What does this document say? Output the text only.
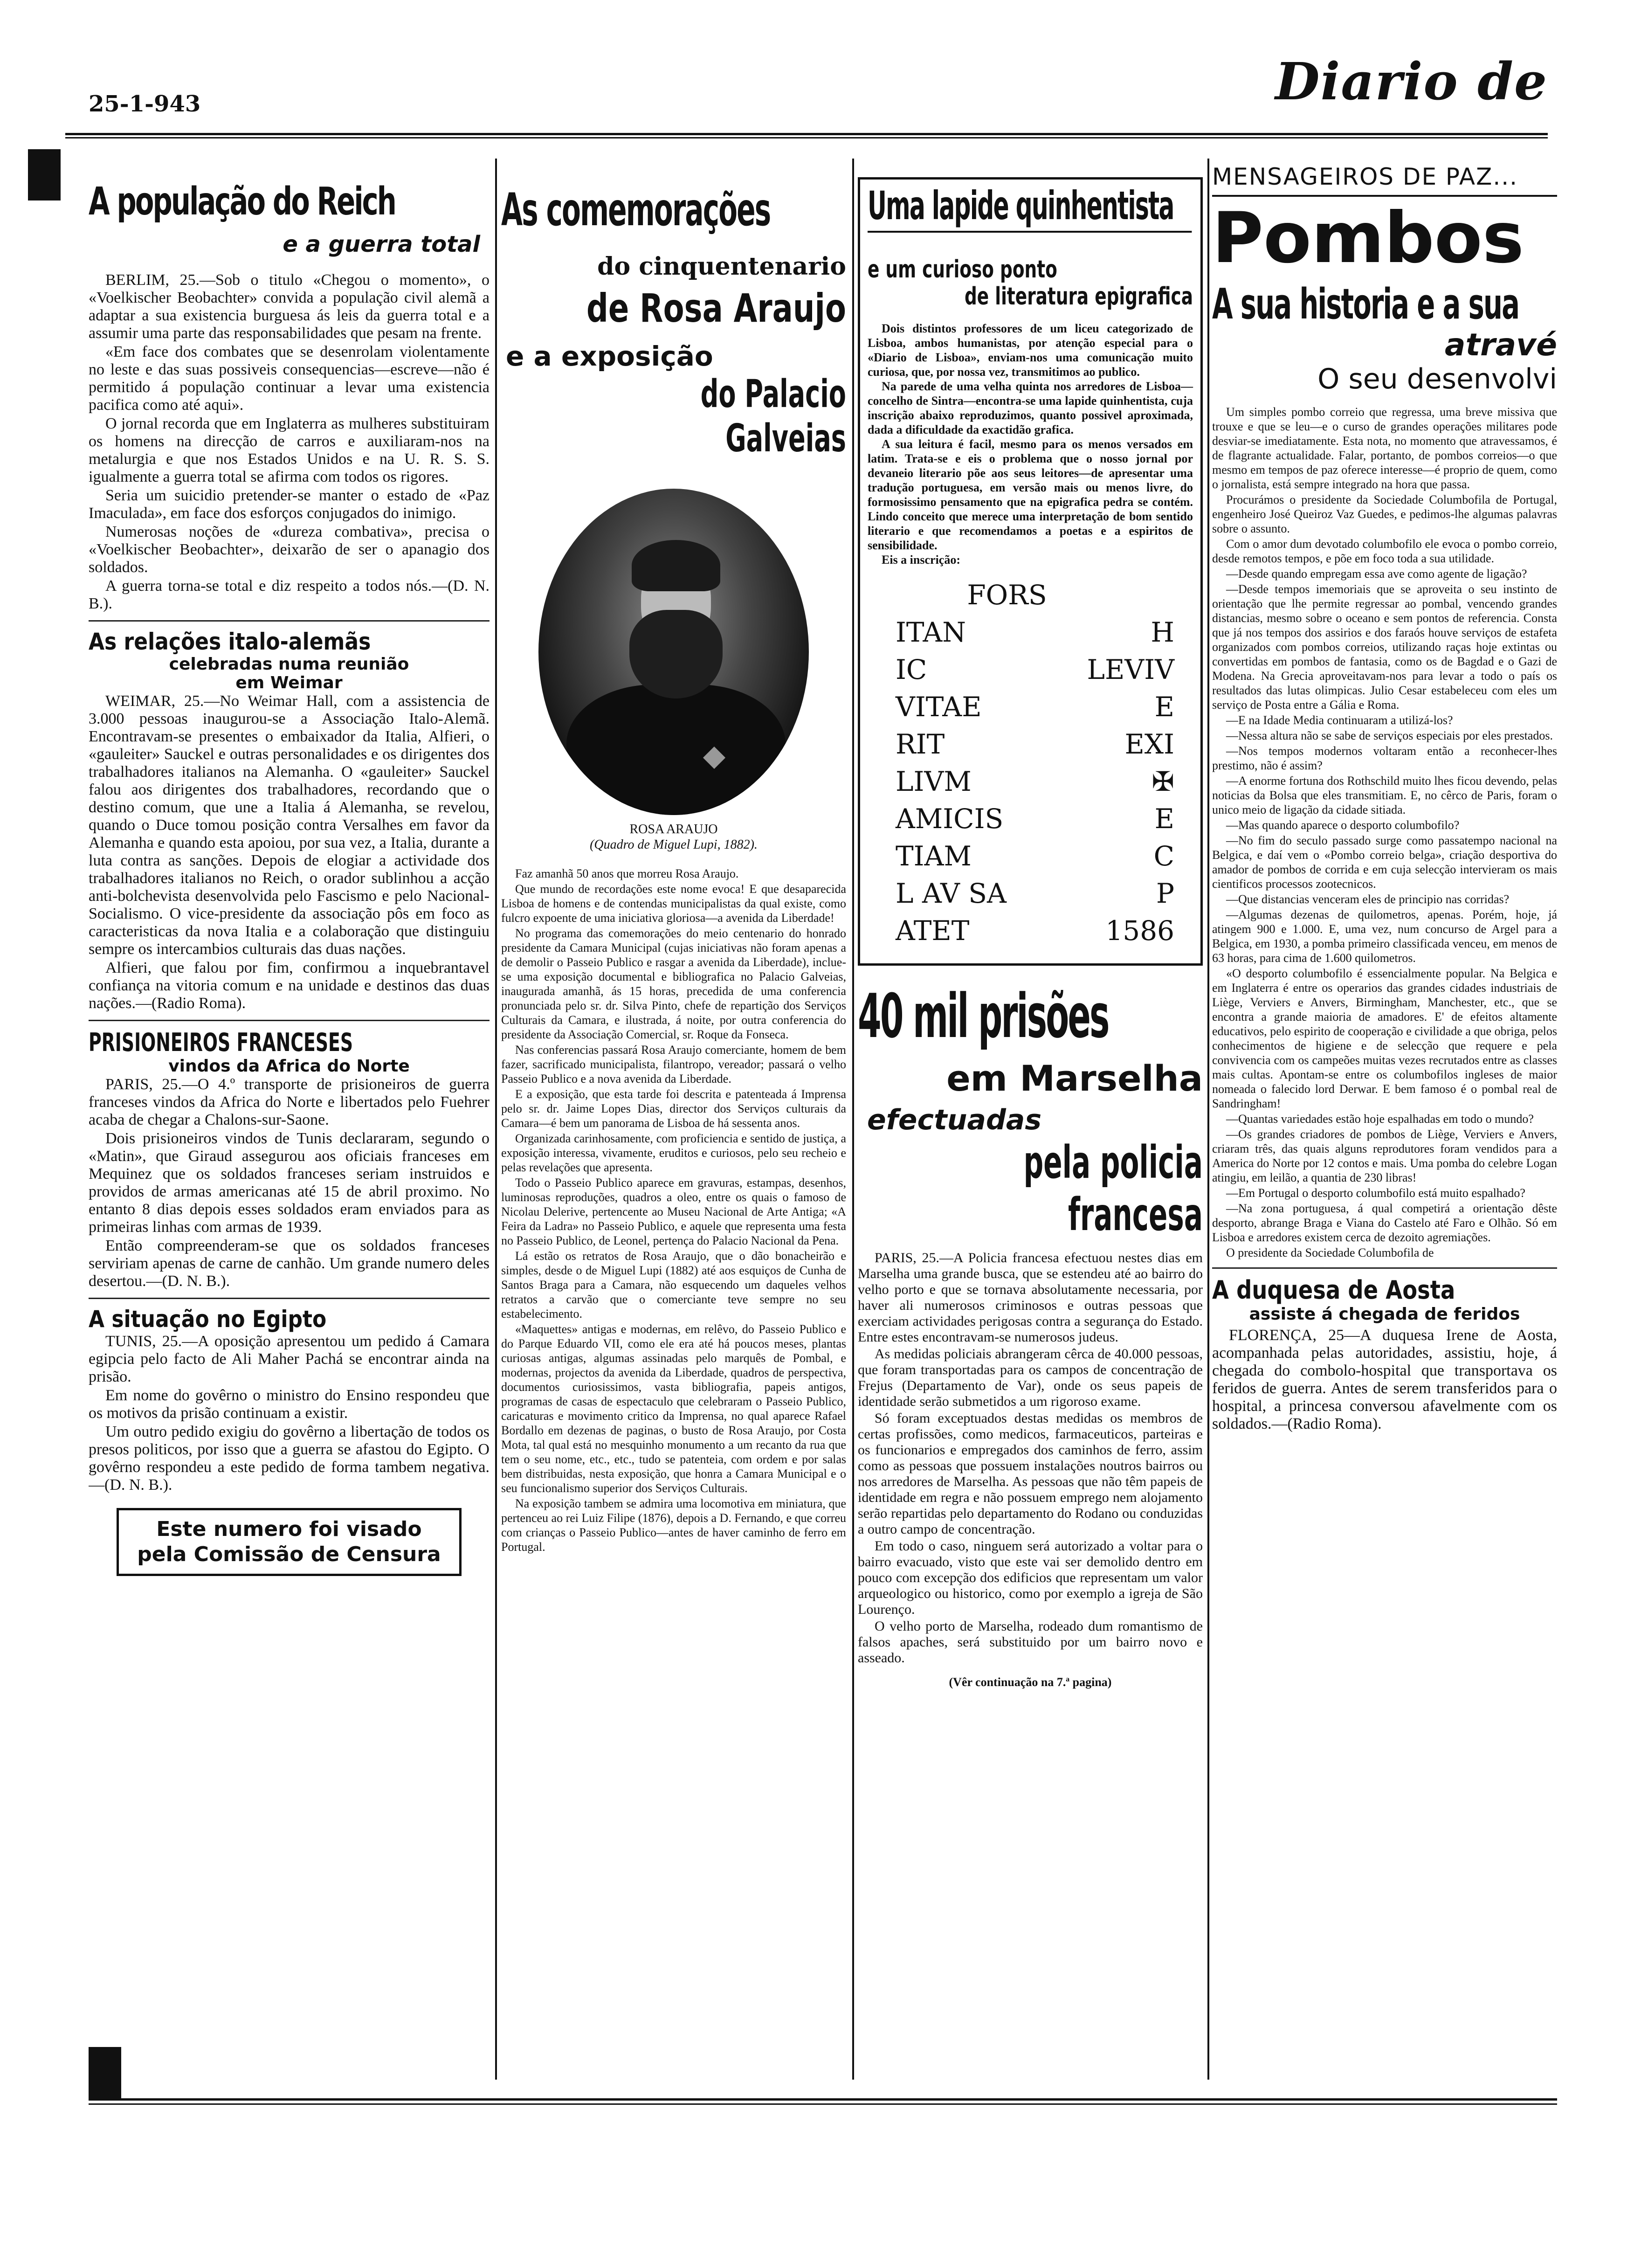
25-1-943	Diario de
A população do Reich
e a guerra total

BERLIM, 25.—Sob o titulo «Chegou o momento», o «Voelkischer Beobachter» convida a população civil alemã a adaptar a sua existencia burguesa ás leis da guerra total e a assumir uma parte das responsabilidades que pesam na frente.

«Em face dos combates que se desenrolam violentamente no leste e das suas possiveis consequencias—escreve—não é permitido á população continuar a levar uma existencia pacifica como até aqui».

O jornal recorda que em Inglaterra as mulheres substituiram os homens na direcção de carros e auxiliaram-nos na metalurgia e que nos Estados Unidos e na U. R. S. S. igualmente a guerra total se afirma com todos os rigores.

Seria um suicidio pretender-se manter o estado de «Paz Imaculada», em face dos esforços conjugados do inimigo.

Numerosas noções de «dureza combativa», precisa o «Voelkischer Beobachter», deixarão de ser o apanagio dos soldados.

A guerra torna-se total e diz respeito a todos nós.—(D. N. B.).

As relações italo-alemãs
celebradas numa reunião
em Weimar

WEIMAR, 25.—No Weimar Hall, com a assistencia de 3.000 pessoas inaugurou-se a Associação Italo-Alemã. Encontravam-se presentes o embaixador da Italia, Alfieri, o «gauleiter» Sauckel e outras personalidades e os dirigentes dos trabalhadores italianos na Alemanha. O «gauleiter» Sauckel falou aos dirigentes dos trabalhadores, recordando que o destino comum, que une a Italia á Alemanha, se revelou, quando o Duce tomou posição contra Versalhes em favor da Alemanha e quando esta apoiou, por sua vez, a Italia, durante a luta contra as sanções. Depois de elogiar a actividade dos trabalhadores italianos no Reich, o orador sublinhou a acção anti-bolchevista desenvolvida pelo Fascismo e pelo Nacional-Socialismo. O vice-presidente da associação pôs em foco as caracteristicas da nova Italia e a colaboração que distinguiu sempre os intercambios culturais das duas nações.

Alfieri, que falou por fim, confirmou a inquebrantavel confiança na vitoria comum e na unidade e destinos das duas nações.—(Radio Roma).

PRISIONEIROS FRANCESES
vindos da Africa do Norte

PARIS, 25.—O 4.º transporte de prisioneiros de guerra franceses vindos da Africa do Norte e libertados pelo Fuehrer acaba de chegar a Chalons-sur-Saone.

Dois prisioneiros vindos de Tunis declararam, segundo o «Matin», que Giraud assegurou aos oficiais franceses em Mequinez que os soldados franceses seriam instruidos e providos de armas americanas até 15 de abril proximo. No entanto 8 dias depois esses soldados eram enviados para as primeiras linhas com armas de 1939.

Então compreenderam-se que os soldados franceses serviriam apenas de carne de canhão. Um grande numero deles desertou.—(D. N. B.).

A situação no Egipto

TUNIS, 25.—A oposição apresentou um pedido á Camara egipcia pelo facto de Ali Maher Pachá se encontrar ainda na prisão.

Em nome do govêrno o ministro do Ensino respondeu que os motivos da prisão continuam a existir.

Um outro pedido exigiu do govêrno a libertação de todos os presos politicos, por isso que a guerra se afastou do Egipto. O govêrno respondeu a este pedido de forma tambem negativa.—(D. N. B.).

Este numero foi visado
pela Comissão de Censura
As comemorações
do cinquentenario
de Rosa Araujo
e a exposição
do Palacio Galveias
ROSA ARAUJO
(Quadro de Miguel Lupi, 1882).

Faz amanhã 50 anos que morreu Rosa Araujo.

Que mundo de recordações este nome evoca! E que desaparecida Lisboa de homens e de contendas municipalistas da qual existe, como fulcro expoente de uma iniciativa gloriosa—a avenida da Liberdade!

No programa das comemorações do meio centenario do honrado presidente da Camara Municipal (cujas iniciativas não foram apenas a de demolir o Passeio Publico e rasgar a avenida da Liberdade), inclue-se uma exposição documental e bibliografica no Palacio Galveias, inaugurada amanhã, ás 15 horas, precedida de uma conferencia pronunciada pelo sr. dr. Silva Pinto, chefe de repartição dos Serviços Culturais da Camara, e ilustrada, á noite, por outra conferencia do presidente da Associação Comercial, sr. Roque da Fonseca.

Nas conferencias passará Rosa Araujo comerciante, homem de bem fazer, sacrificado municipalista, filantropo, vereador; passará o velho Passeio Publico e a nova avenida da Liberdade.

E a exposição, que esta tarde foi descrita e patenteada á Imprensa pelo sr. dr. Jaime Lopes Dias, director dos Serviços culturais da Camara—é bem um panorama de Lisboa de há sessenta anos.

Organizada carinhosamente, com proficiencia e sentido de justiça, a exposição interessa, vivamente, eruditos e curiosos, pelo seu recheio e pelas revelações que apresenta.

Todo o Passeio Publico aparece em gravuras, estampas, desenhos, luminosas reproduções, quadros a oleo, entre os quais o famoso de Nicolau Delerive, pertencente ao Museu Nacional de Arte Antiga; «A Feira da Ladra» no Passeio Publico, e aquele que representa uma festa no Passeio Publico, de Leonel, pertença do Palacio Nacional da Pena.

Lá estão os retratos de Rosa Araujo, que o dão bonacheirão e simples, desde o de Miguel Lupi (1882) até aos esquiços de Cunha de Santos Braga para a Camara, não esquecendo um daqueles velhos retratos a carvão que o comerciante teve sempre no seu estabelecimento.

«Maquettes» antigas e modernas, em relêvo, do Passeio Publico e do Parque Eduardo VII, como ele era até há poucos meses, plantas curiosas antigas, algumas assinadas pelo marquês de Pombal, e modernas, projectos da avenida da Liberdade, quadros de perspectiva, documentos curiosissimos, vasta bibliografia, papeis antigos, programas de casas de espectaculo que celebraram o Passeio Publico, caricaturas e movimento critico da Imprensa, no qual aparece Rafael Bordallo em dezenas de paginas, o busto de Rosa Araujo, por Costa Mota, tal qual está no mesquinho monumento a um recanto da rua que tem o seu nome, etc., etc., tudo se patenteia, com ordem e por salas bem distribuidas, nesta exposição, que honra a Camara Municipal e o seu funcionalismo superior dos Serviços Culturais.

Na exposição tambem se admira uma locomotiva em miniatura, que pertenceu ao rei Luiz Filipe (1876), depois a D. Fernando, e que correu com crianças o Passeio Publico—antes de haver caminho de ferro em Portugal.

Uma lapide quinhentista
e um curioso ponto
de literatura epigrafica

Dois distintos professores de um liceu categorizado de Lisboa, ambos humanistas, por atenção especial para o «Diario de Lisboa», enviam-nos uma comunicação muito curiosa, que, por nossa vez, transmitimos ao publico.

Na parede de uma velha quinta nos arredores de Lisboa—concelho de Sintra—encontra-se uma lapide quinhentista, cuja inscrição abaixo reproduzimos, quanto possivel aproximada, dada a dificuldade da exactidão grafica.

A sua leitura é facil, mesmo para os menos versados em latim. Trata-se e eis o problema que o nosso jornal por devaneio literario põe aos seus leitores—de apresentar uma tradução portuguesa, em versão mais ou menos livre, do formosissimo pensamento que na epigrafica pedra se contém. Lindo conceito que merece uma interpretação de bom sentido literario e que recomendamos a poetas e a espiritos de sensibilidade.

Eis a inscrição:

FORS
ITAN	H
IC	LEVIV
VITAE	E
RIT	EXI
LIVM	✠
AMICIS	E
TIAM	C
L AV SA	P
ATET	1586
40 mil prisões
em Marselha
efectuadas
pela policia francesa

PARIS, 25.—A Policia francesa efectuou nestes dias em Marselha uma grande busca, que se estendeu até ao bairro do velho porto e que se tornava absolutamente necessaria, por haver ali numerosos criminosos e outras pessoas que exerciam actividades perigosas contra a segurança do Estado. Entre estes encontravam-se numerosos judeus.

As medidas policiais abrangeram cêrca de 40.000 pessoas, que foram transportadas para os campos de concentração de Frejus (Departamento de Var), onde os seus papeis de identidade serão submetidos a um rigoroso exame.

Só foram exceptuados destas medidas os membros de certas profissões, como medicos, farmaceuticos, parteiras e os funcionarios e empregados dos caminhos de ferro, assim como as pessoas que possuem instalações noutros bairros ou nos arredores de Marselha. As pessoas que não têm papeis de identidade em regra e não possuem emprego nem alojamento serão repartidas pelo departamento do Rodano ou conduzidas a outro campo de concentração.

Em todo o caso, ninguem será autorizado a voltar para o bairro evacuado, visto que este vai ser demolido dentro em pouco com excepção dos edificios que representam um valor arqueologico ou historico, como por exemplo a igreja de São Lourenço.

O velho porto de Marselha, rodeado dum romantismo de falsos apaches, será substituido por um bairro novo e asseado.

(Vêr continuação na 7.ª pagina)
MENSAGEIROS DE PAZ...
Pombos
A sua historia e a sua
atravé
O seu desenvolvi

Um simples pombo correio que regressa, uma breve missiva que trouxe e que se leu—e o curso de grandes operações militares pode desviar-se imediatamente. Esta nota, no momento que atravessamos, é de flagrante actualidade. Falar, portanto, de pombos correios—o que mesmo em tempos de paz oferece interesse—é proprio de quem, como o jornalista, está sempre integrado na hora que passa.

Procurámos o presidente da Sociedade Columbofila de Portugal, engenheiro José Queiroz Vaz Guedes, e pedimos-lhe algumas palavras sobre o assunto.

Com o amor dum devotado columbofilo ele evoca o pombo correio, desde remotos tempos, e põe em foco toda a sua utilidade.

—Desde quando empregam essa ave como agente de ligação?

—Desde tempos imemoriais que se aproveita o seu instinto de orientação que lhe permite regressar ao pombal, vencendo grandes distancias, mesmo sobre o oceano e sem pontos de referencia. Consta que já nos tempos dos assirios e dos faraós houve serviços de estafeta organizados com pombos correios, utilizando raças hoje extintas ou convertidas em pombos de fantasia, como os de Bagdad e o Gazi de Modena. Na Grecia aproveitavam-nos para levar a todo o país os resultados das lutas olimpicas. Julio Cesar estabeleceu com eles um serviço de Posta entre a Gália e Roma.

—E na Idade Media continuaram a utilizá-los?

—Nessa altura não se sabe de serviços especiais por eles prestados.

—Nos tempos modernos voltaram então a reconhecer-lhes prestimo, não é assim?

—A enorme fortuna dos Rothschild muito lhes ficou devendo, pelas noticias da Bolsa que eles transmitiam. E, no cêrco de Paris, foram o unico meio de ligação da cidade sitiada.

—Mas quando aparece o desporto columbofilo?

—No fim do seculo passado surge como passatempo nacional na Belgica, e daí vem o «Pombo correio belga», criação desportiva do amador de pombos de corrida e em cuja selecção intervieram os mais cientificos processos zootecnicos.

—Que distancias venceram eles de principio nas corridas?

—Algumas dezenas de quilometros, apenas. Porém, hoje, já atingem 900 e 1.000. E, uma vez, num concurso de Argel para a Belgica, em 1930, a pomba primeiro classificada venceu, em menos de 63 horas, para cima de 1.600 quilometros.

«O desporto columbofilo é essencialmente popular. Na Belgica e em Inglaterra é entre os operarios das grandes cidades industriais de Liège, Verviers e Anvers, Birmingham, Manchester, etc., que se encontra a grande maioria de amadores. E' de efeitos altamente educativos, pelo espirito de cooperação e civilidade a que obriga, pelos conhecimentos de higiene e de selecção que requere e pela convivencia com os campeões muitas vezes recrutados entre as classes mais cultas. Apontam-se entre os columbofilos ingleses de maior nomeada o falecido lord Derwar. E bem famoso é o pombal real de Sandringham!

—Quantas variedades estão hoje espalhadas em todo o mundo?

—Os grandes criadores de pombos de Liège, Verviers e Anvers, criaram três, das quais alguns reprodutores foram vendidos para a America do Norte por 12 contos e mais. Uma pomba do celebre Logan atingiu, em leilão, a quantia de 230 libras!

—Em Portugal o desporto columbofilo está muito espalhado?

—Na zona portuguesa, á qual competirá a orientação dêste desporto, abrange Braga e Viana do Castelo até Faro e Olhão. Só em Lisboa e arredores existem cerca de dezoito agremiações.

O presidente da Sociedade Columbofila de

A duquesa de Aosta
assiste á chegada de feridos

FLORENÇA, 25—A duquesa Irene de Aosta, acompanhada pelas autoridades, assistiu, hoje, á chegada do combolo-hospital que transportava os feridos de guerra. Antes de serem transferidos para o hospital, a princesa conversou afavelmente com os soldados.—(Radio Roma).
